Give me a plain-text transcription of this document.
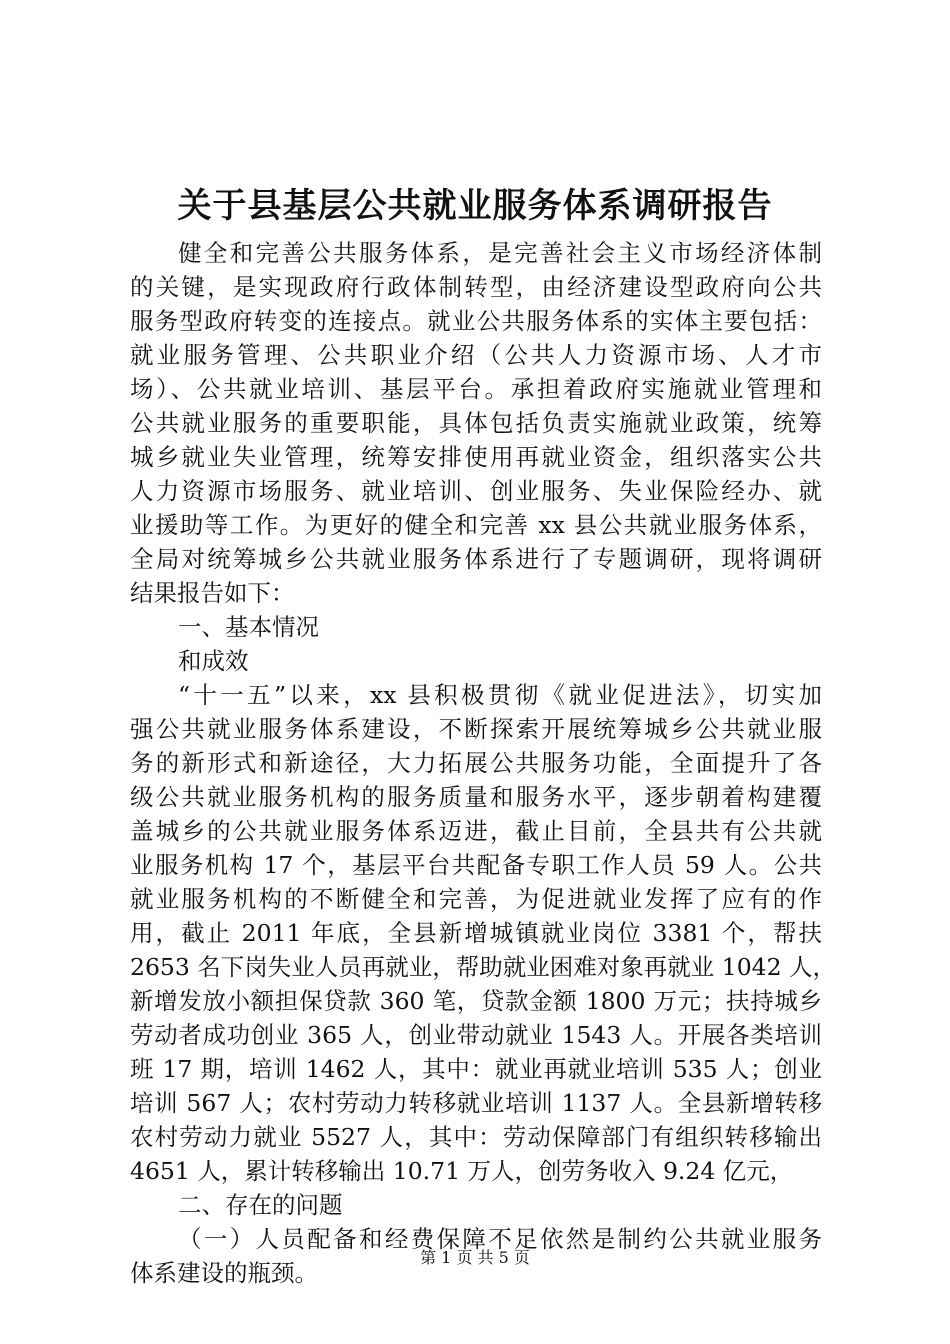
关于县基层公共就业服务体系调研报告
健全和完善公共服务体系，是完善社会主义市场经济体制
的关键，是实现政府行政体制转型，由经济建设型政府向公共
服务型政府转变的连接点。就业公共服务体系的实体主要包括：
就业服务管理、公共职业介绍（公共人力资源市场、人才市
场）、公共就业培训、基层平台。承担着政府实施就业管理和
公共就业服务的重要职能，具体包括负责实施就业政策，统筹
城乡就业失业管理，统筹安排使用再就业资金，组织落实公共
人力资源市场服务、就业培训、创业服务、失业保险经办、就
业援助等工作。为更好的健全和完善 xx 县公共就业服务体系，
全局对统筹城乡公共就业服务体系进行了专题调研，现将调研
结果报告如下：
一、基本情况
和成效
“十一五”以来，xx 县积极贯彻《就业促进法》，切实加
强公共就业服务体系建设，不断探索开展统筹城乡公共就业服
务的新形式和新途径，大力拓展公共服务功能，全面提升了各
级公共就业服务机构的服务质量和服务水平，逐步朝着构建覆
盖城乡的公共就业服务体系迈进，截止目前，全县共有公共就
业服务机构 17 个，基层平台共配备专职工作人员 59 人。公共
就业服务机构的不断健全和完善，为促进就业发挥了应有的作
用，截止 2011 年底，全县新增城镇就业岗位 3381 个，帮扶
2653 名下岗失业人员再就业，帮助就业困难对象再就业 1042 人，
新增发放小额担保贷款 360 笔，贷款金额 1800 万元；扶持城乡
劳动者成功创业 365 人，创业带动就业 1543 人。开展各类培训
班 17 期，培训 1462 人，其中：就业再就业培训 535 人；创业
培训 567 人；农村劳动力转移就业培训 1137 人。全县新增转移
农村劳动力就业 5527 人，其中：劳动保障部门有组织转移输出
4651 人，累计转移输出 10.71 万人，创劳务收入 9.24 亿元，
二、存在的问题
（一）人员配备和经费保障不足依然是制约公共就业服务
体系建设的瓶颈。
第 1 页 共 5 页
